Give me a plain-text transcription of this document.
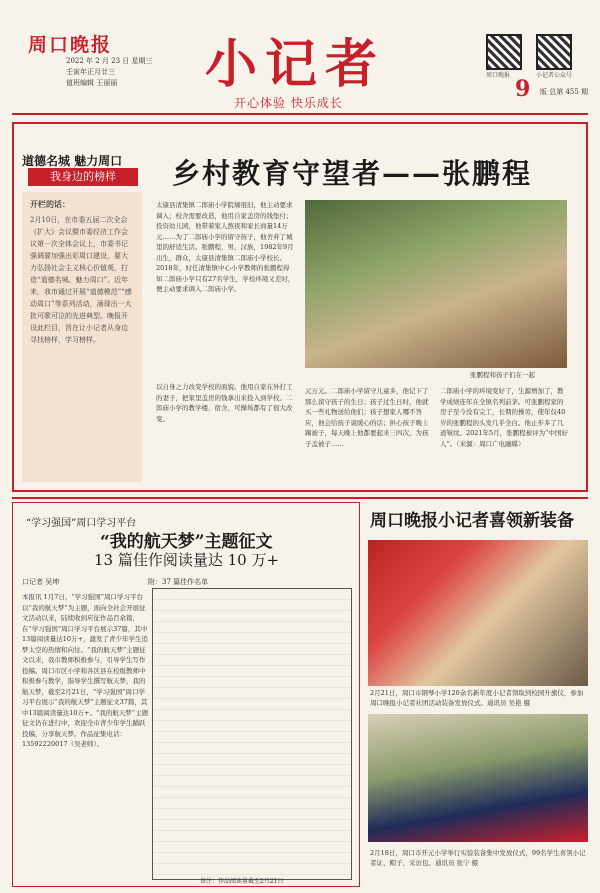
周口晚报
2022 年 2 月 23 日 星期三
壬寅年正月廿三
值班编辑 王丽丽	小记者
开心体验 快乐成长
周口晚报	小记者公众号
9 版 总第 455 期
道德名城 魅力周口
我身边的榜样
开栏的话：
2月10日，在市委五届二次全会《扩大》会议暨市委经济工作会议第一次全体会议上，市委书记强调要加强出彩周口建设，要大力弘扬社会主义核心价值观，打造“道德名城、魅力周口”。近年来，我市通过开展“道德模范”“感动周口”等系列活动，涌现出一大批可歌可泣的先进典型。晚报开设此栏目，旨在让小记者从身边寻找榜样，学习榜样。
乡村教育守望者——张鹏程
太康县清集镇二郎庙小学院墙很旧，他主动要求调入；校舍需要改造，他用自家盖房的钱垫付；投资幼儿园，他带着家人熬夜和家长商量14万元……为了二郎庙小学的留守孩子，他舍弃了城里的舒适生活。张鹏程，男，汉族，1982年9月出生，群众，太康县清集镇二郎庙小学校长。2018年，时任清集镇中心小学教师的张鹏程得知二郎庙小学只有27名学生，学校环境又差时，便主动要求调入二郎庙小学。
以自身之力改变学校的面貌。他用自家在外打工的妻子，把家里盖房的钱拿出来投入到学校。二郎庙小学的教学楼、宿舍、可操场都有了很大改变。
张鹏程和孩子们在一起
元万元。二郎庙小学留守儿童多，他记下了那么留守孩子的生日；孩子过生日时，他就买一些礼物送给他们；孩子想家人哪不答应，他会给孩子说暖心的话；担心孩子晚上踢被子，每天晚上他都要起来三四次，为孩子盖被子……
二郎庙小学的环境变好了，生源增加了，教学成绩连年在全镇名列前茅。可张鹏程家的房子至今没有完工，长期的操劳，使年仅40岁的张鹏程的头发几乎全白。他止步多了几道皱纹。2021年5月，张鹏程被评为“中国好人”。（来源：周口广电融媒）
“学习强国”周口学习平台
“我的航天梦”主题征文
13 篇佳作阅读量达 10 万+
口记者 吴坤	附：37 篇佳作名单
本报讯 1月7日，“学习强国”周口学习平台以“我的航天梦”为主题，面向全社会开展征文活动以来，陆续收到应征作品百余篇，在“学习强国”周口学习平台展示37篇，其中13篇阅读量达10万+，激发了青少年学生追梦太空的热情和向往。“我的航天梦”主题征文以来，我市教师积极参与，引导学生写作投稿。周口市区小学和各区县在校级教师中积极参与教学，指导学生撰写航天梦，我的航天梦，截至2月21日，“学习强国”周口学习平台展示“我的航天梦”主题征文37篇，其中13篇阅读量达10万+。“我的航天梦”主题征文仍在进行中，欢迎全市青少年学生踊跃投稿，分享航天梦。作品征集电话：13592220017（吴老师）。
备注：作品阅读量截至2月21日
周口晚报小记者喜领新装备
2月21日，周口市钢琴小学120余名新年度小记者领取到校园升旗仪，参加周口晚报小记者社团活动装备发放仪式。通讯员 吴艳 摄
2月18日，周口市开元小学举行实验装备集中发放仪式，99名学生喜领小记者证、帽子、采访包。通讯员 张宁 摄
